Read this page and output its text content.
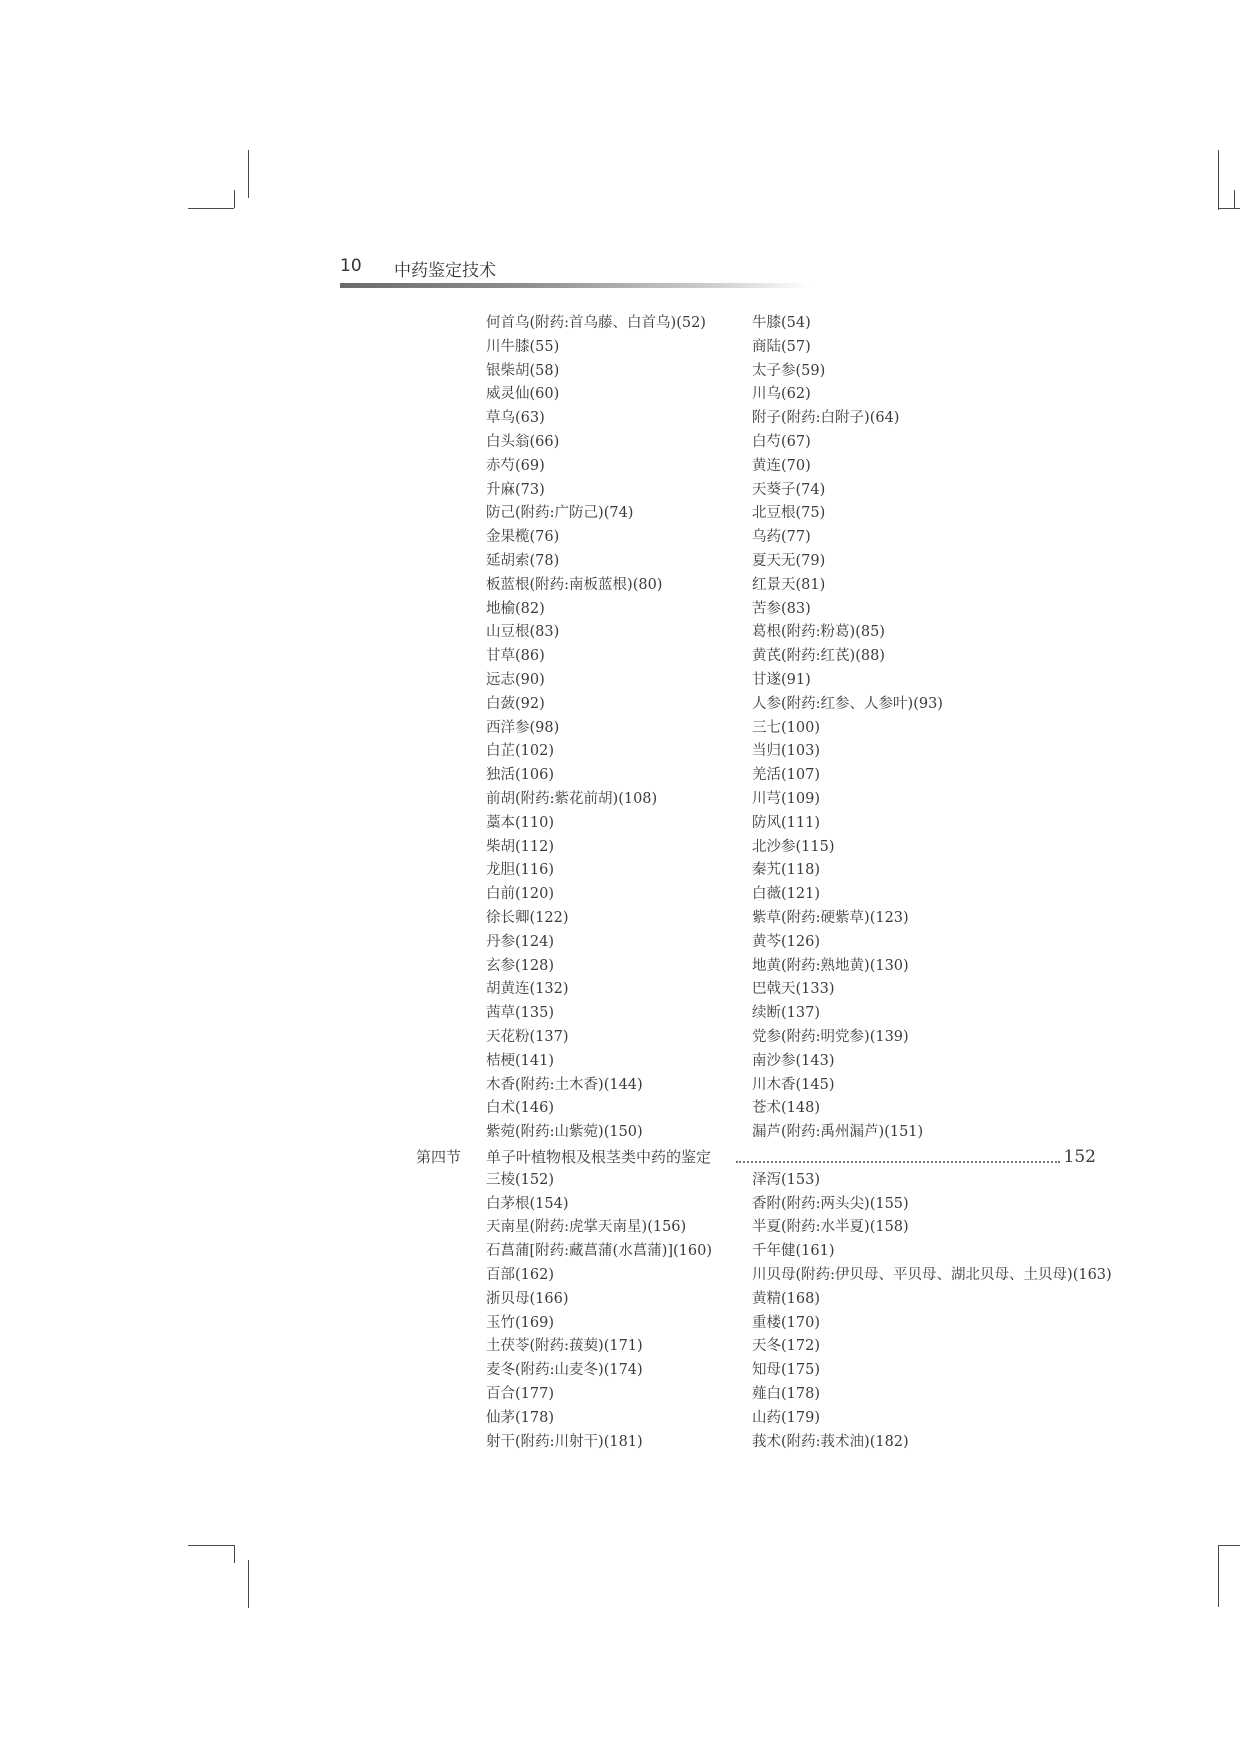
10 中药鉴定技术
何首乌(附药:首乌藤、白首乌)(52)	牛膝(54)
川牛膝(55)	商陆(57)
银柴胡(58)	太子参(59)
威灵仙(60)	川乌(62)
草乌(63)	附子(附药:白附子)(64)
白头翁(66)	白芍(67)
赤芍(69)	黄连(70)
升麻(73)	天葵子(74)
防己(附药:广防己)(74)	北豆根(75)
金果榄(76)	乌药(77)
延胡索(78)	夏天无(79)
板蓝根(附药:南板蓝根)(80)	红景天(81)
地榆(82)	苦参(83)
山豆根(83)	葛根(附药:粉葛)(85)
甘草(86)	黄芪(附药:红芪)(88)
远志(90)	甘遂(91)
白蔹(92)	人参(附药:红参、人参叶)(93)
西洋参(98)	三七(100)
白芷(102)	当归(103)
独活(106)	羌活(107)
前胡(附药:紫花前胡)(108)	川芎(109)
藁本(110)	防风(111)
柴胡(112)	北沙参(115)
龙胆(116)	秦艽(118)
白前(120)	白薇(121)
徐长卿(122)	紫草(附药:硬紫草)(123)
丹参(124)	黄芩(126)
玄参(128)	地黄(附药:熟地黄)(130)
胡黄连(132)	巴戟天(133)
茜草(135)	续断(137)
天花粉(137)	党参(附药:明党参)(139)
桔梗(141)	南沙参(143)
木香(附药:土木香)(144)	川木香(145)
白术(146)	苍术(148)
紫菀(附药:山紫菀)(150)	漏芦(附药:禹州漏芦)(151)
第四节 单子叶植物根及根茎类中药的鉴定	152
三棱(152)	泽泻(153)
白茅根(154)	香附(附药:两头尖)(155)
天南星(附药:虎掌天南星)(156)	半夏(附药:水半夏)(158)
石菖蒲[附药:藏菖蒲(水菖蒲)](160)	千年健(161)
百部(162)	川贝母(附药:伊贝母、平贝母、湖北贝母、土贝母)(163)
浙贝母(166)	黄精(168)
玉竹(169)	重楼(170)
土茯苓(附药:菝葜)(171)	天冬(172)
麦冬(附药:山麦冬)(174)	知母(175)
百合(177)	薤白(178)
仙茅(178)	山药(179)
射干(附药:川射干)(181)	莪术(附药:莪术油)(182)
